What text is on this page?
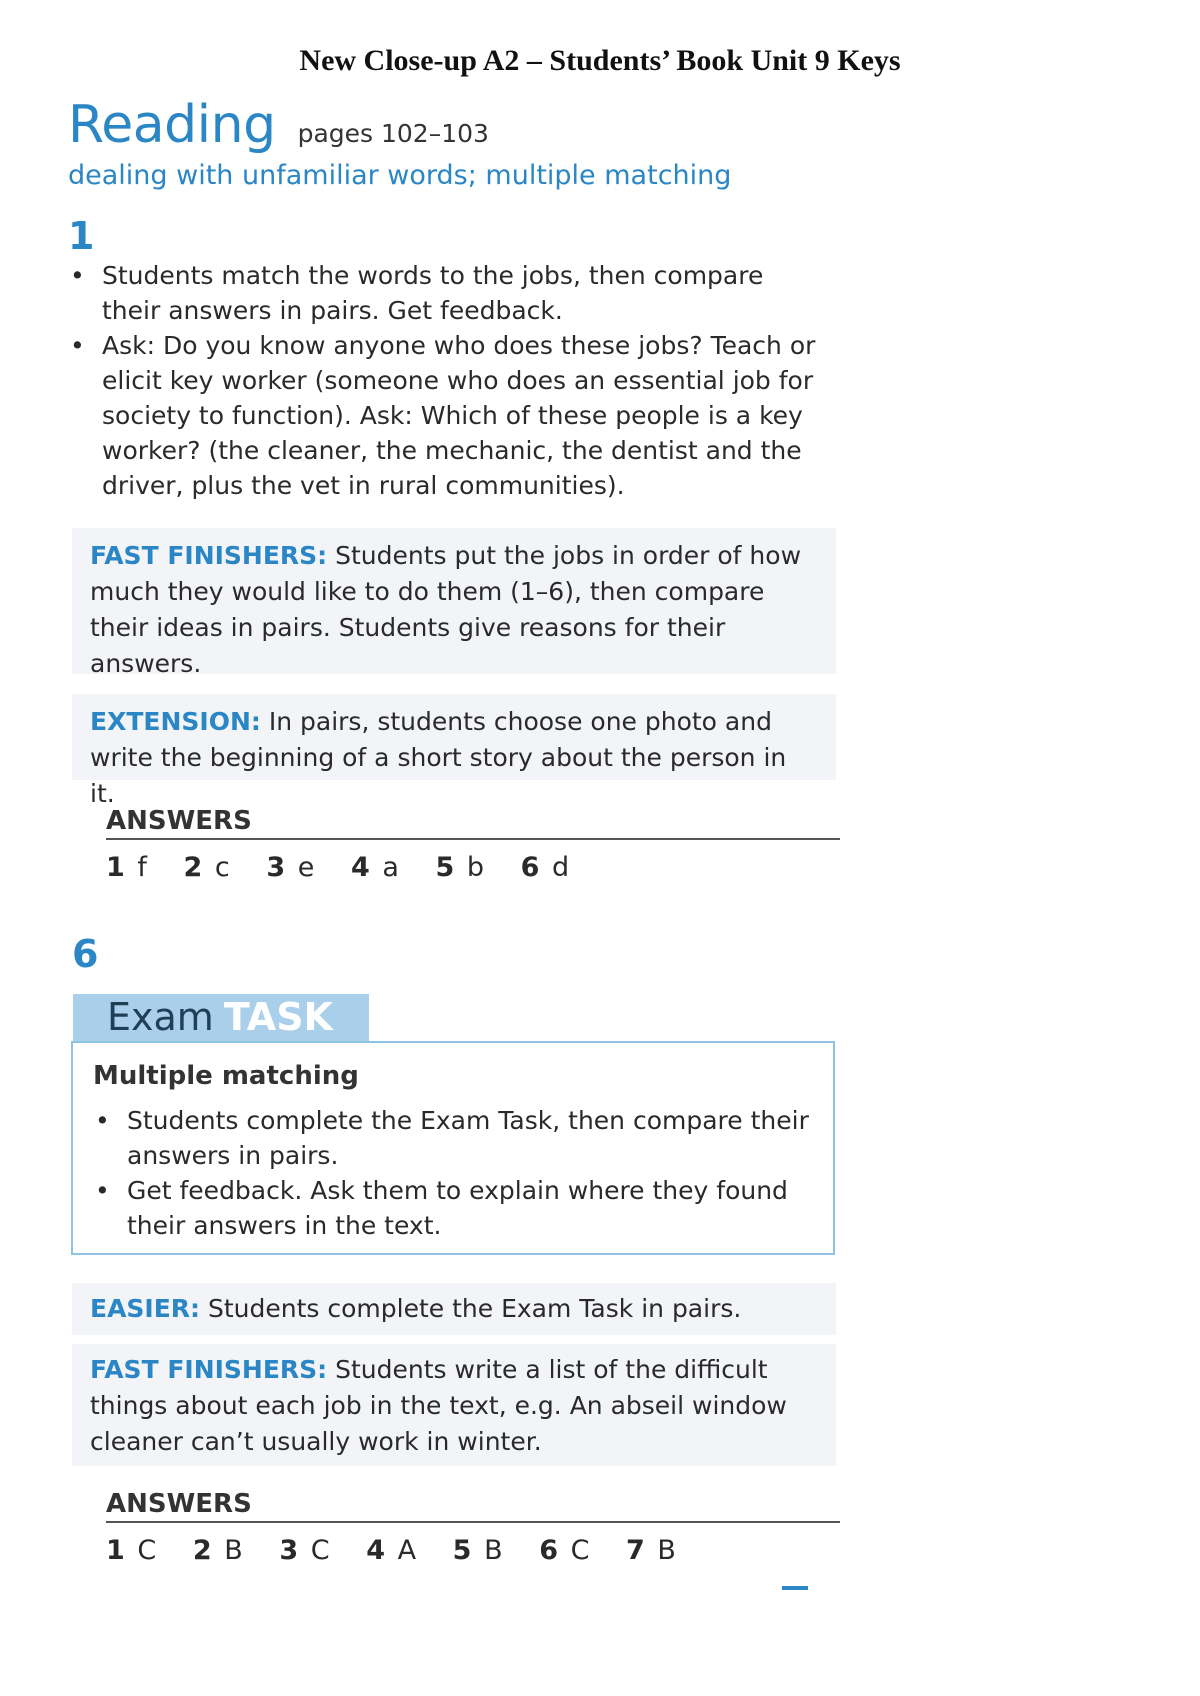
New Close-up A2 – Students’ Book Unit 9 Keys
Reading pages 102–103
dealing with unfamiliar words; multiple matching
1
• Students match the words to the jobs, then compare their answers in pairs. Get feedback.
• Ask: Do you know anyone who does these jobs? Teach or elicit key worker (someone who does an essential job for society to function). Ask: Which of these people is a key worker? (the cleaner, the mechanic, the dentist and the driver, plus the vet in rural communities).

FAST FINISHERS: Students put the jobs in order of how much they would like to do them (1–6), then compare their ideas in pairs. Students give reasons for their answers.

EXTENSION: In pairs, students choose one photo and write the beginning of a short story about the person in it.

ANSWERS
1 f 2 c 3 e 4 a 5 b 6 d
6
Exam TASK
Multiple matching
• Students complete the Exam Task, then compare their answers in pairs.
• Get feedback. Ask them to explain where they found their answers in the text.

EASIER: Students complete the Exam Task in pairs.

FAST FINISHERS: Students write a list of the difficult things about each job in the text, e.g. An abseil window cleaner can’t usually work in winter.

ANSWERS
1 C 2 B 3 C 4 A 5 B 6 C 7 B
